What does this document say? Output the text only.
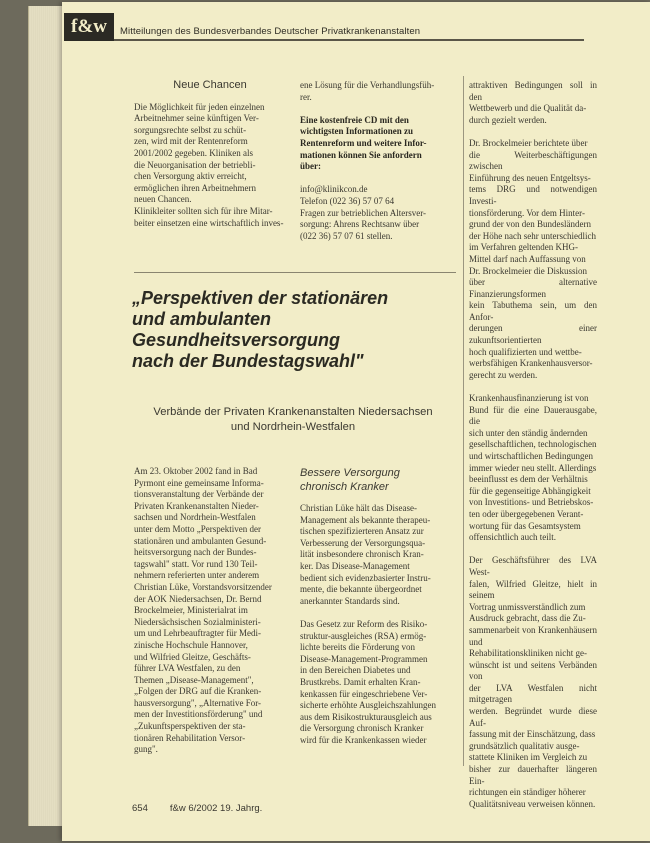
f&w	Mitteilungen des Bundesverbandes Deutscher Privatkrankenanstalten
Neue Chancen
Die Möglichkeit für jeden einzelnen
Arbeitnehmer seine künftigen Ver-
sorgungsrechte selbst zu schüt-
zen, wird mit der Rentenreform
2001/2002 gegeben. Kliniken als
die Neuorganisation der betriebli-
chen Versorgung aktiv erreicht,
ermöglichen ihren Arbeitnehmern
neuen Chancen.
Klinikleiter sollten sich für ihre Mitar-
beiter einsetzen eine wirtschaftlich inves-
ene Lösung für die Verhandlungsfüh-
rer.
Eine kostenfreie CD mit den
wichtigsten Informationen zu
Rentenreform und weitere Infor-
mationen können Sie anfordern
über:
info@klinikcon.de
Telefon (022 36) 57 07 64
Fragen zur betrieblichen Altersver-
sorgung: Ahrens Rechtsanw über
(022 36) 57 07 61 stellen.
„Perspektiven der stationären
und ambulanten
Gesundheitsversorgung
nach der Bundestagswahl"
Verbände der Privaten Krankenanstalten Niedersachsen
und Nordrhein-Westfalen
attraktiven Bedingungen soll in den
Wettbewerb und die Qualität da-
durch gezielt werden.
Dr. Brockelmeier berichtete über
die Weiterbeschäftigungen zwischen
Einführung des neuen Entgeltsys-
tems DRG und notwendigen Investi-
tionsförderung. Vor dem Hinter-
grund der von den Bundesländern
der Höhe nach sehr unterschiedlich
im Verfahren geltenden KHG-
Mittel darf nach Auffassung von
Dr. Brockelmeier die Diskussion
über alternative Finanzierungsformen
kein Tabuthema sein, um den Anfor-
derungen einer zukunftsorientierten
hoch qualifizierten und wettbe-
werbsfähigen Krankenhausversor-
gerecht zu werden.
Krankenhausfinanzierung ist von
Bund für die eine Dauerausgabe, die
sich unter den ständig ändernden
gesellschaftlichen, technologischen
und wirtschaftlichen Bedingungen
immer wieder neu stellt. Allerdings
beeinflusst es dem der Verhältnis
für die gegenseitige Abhängigkeit
von Investitions- und Betriebskos-
ten oder übergegebenen Verant-
wortung für das Gesamtsystem
offensichtlich auch teilt.
Der Geschäftsführer des LVA West-
falen, Wilfried Gleitze, hielt in seinem
Vortrag unmissverständlich zum
Ausdruck gebracht, dass die Zu-
sammenarbeit von Krankenhäusern und
Rehabilitationskliniken nicht ge-
wünscht ist und seitens Verbänden von
der LVA Westfalen nicht mitgetragen
werden. Begründet wurde diese Auf-
fassung mit der Einschätzung, dass
grundsätzlich qualitativ ausge-
stattete Kliniken im Vergleich zu
bisher zur dauerhafter längeren Ein-
richtungen ein ständiger höherer
Qualitätsniveau verweisen können.
Am 23. Oktober 2002 fand in Bad
Pyrmont eine gemeinsame Informa-
tionsveranstaltung der Verbände der
Privaten Krankenanstalten Nieder-
sachsen und Nordrhein-Westfalen
unter dem Motto „Perspektiven der
stationären und ambulanten Gesund-
heitsversorgung nach der Bundes-
tagswahl" statt. Vor rund 130 Teil-
nehmern referierten unter anderem
Christian Lüke, Vorstandsvorsitzender
der AOK Niedersachsen, Dr. Bernd
Brockelmeier, Ministerialrat im
Niedersächsischen Sozialministeri-
um und Lehrbeauftragter für Medi-
zinische Hochschule Hannover,
und Wilfried Gleitze, Geschäfts-
führer LVA Westfalen, zu den
Themen „Disease-Management",
„Folgen der DRG auf die Kranken-
hausversorgung", „Alternative For-
men der Investitionsförderung" und
„Zukunftsperspektiven der sta-
tionären Rehabilitation Versor-
gung".
Bessere Versorgung
chronisch Kranker
Christian Lüke hält das Disease-
Management als bekannte therapeu-
tischen spezifizierteren Ansatz zur
Verbesserung der Versorgungsqua-
lität insbesondere chronisch Kran-
ker. Das Disease-Management
bedient sich evidenzbasierter Instru-
mente, die bekannte übergeordnet
anerkannter Standards sind.
Das Gesetz zur Reform des Risiko-
struktur-ausgleiches (RSA) ermög-
lichte bereits die Förderung von
Disease-Management-Programmen
in den Bereichen Diabetes und
Brustkrebs. Damit erhalten Kran-
kenkassen für eingeschriebene Ver-
sicherte erhöhte Ausgleichszahlungen
aus dem Risikostrukturausgleich aus
die Versorgung chronisch Kranker
wird für die Krankenkassen wieder
654 f&w 6/2002 19. Jahrg.
